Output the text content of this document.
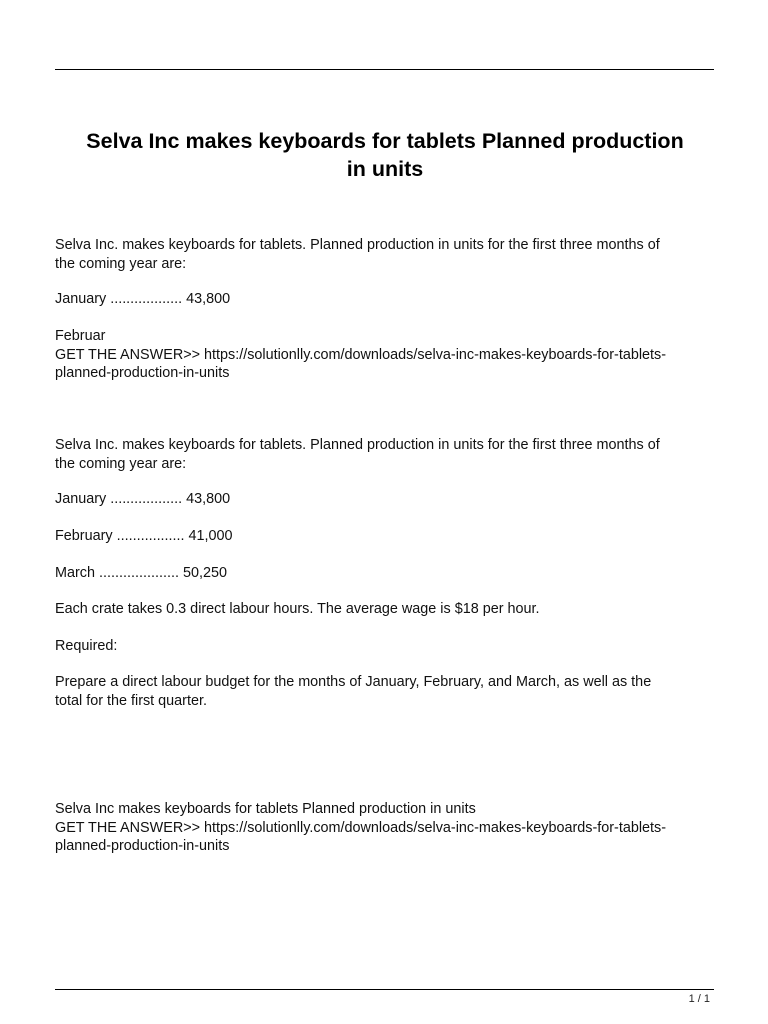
Selva Inc makes keyboards for tablets Planned production
in units

Selva Inc. makes keyboards for tablets. Planned production in units for the first three months of
the coming year are:

January .................. 43,800

Februar
GET THE ANSWER>> https://solutionlly.com/downloads/selva-inc-makes-keyboards-for-tablets-
planned-production-in-units

Selva Inc. makes keyboards for tablets. Planned production in units for the first three months of
the coming year are:

January .................. 43,800

February ................. 41,000

March .................... 50,250

Each crate takes 0.3 direct labour hours. The average wage is $18 per hour.

Required:

Prepare a direct labour budget for the months of January, February, and March, as well as the
total for the first quarter.

Selva Inc makes keyboards for tablets Planned production in units
GET THE ANSWER>> https://solutionlly.com/downloads/selva-inc-makes-keyboards-for-tablets-
planned-production-in-units

1 / 1
